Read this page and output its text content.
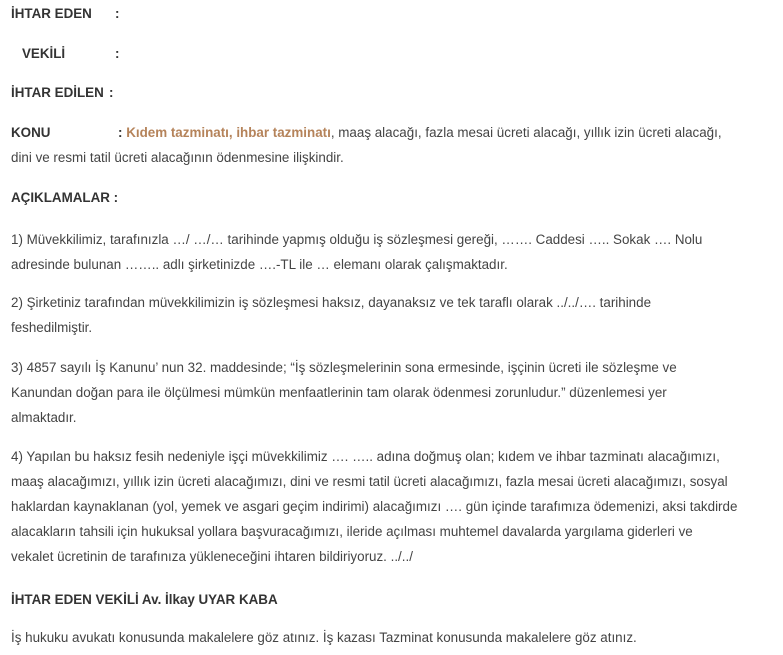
İHTAR EDEN :
VEKİLİ	:
İHTAR EDİLEN :
KONU	: Kıdem tazminatı, ihbar tazminatı, maaş alacağı, fazla mesai ücreti alacağı, yıllık izin ücreti alacağı,
dini ve resmi tatil ücreti alacağının ödenmesine ilişkindir.
AÇIKLAMALAR :
1) Müvekkilimiz, tarafınızla …/ …/… tarihinde yapmış olduğu iş sözleşmesi gereği, ……. Caddesi ….. Sokak …. Nolu
adresinde bulunan …….. adlı şirketinizde ….-TL ile … elemanı olarak çalışmaktadır.
2) Şirketiniz tarafından müvekkilimizin iş sözleşmesi haksız, dayanaksız ve tek taraflı olarak ../../…. tarihinde
feshedilmiştir.
3) 4857 sayılı İş Kanunu’ nun 32. maddesinde; “İş sözleşmelerinin sona ermesinde, işçinin ücreti ile sözleşme ve
Kanundan doğan para ile ölçülmesi mümkün menfaatlerinin tam olarak ödenmesi zorunludur.” düzenlemesi yer
almaktadır.
4) Yapılan bu haksız fesih nedeniyle işçi müvekkilimiz …. ….. adına doğmuş olan; kıdem ve ihbar tazminatı alacağımızı,
maaş alacağımızı, yıllık izin ücreti alacağımızı, dini ve resmi tatil ücreti alacağımızı, fazla mesai ücreti alacağımızı, sosyal
haklardan kaynaklanan (yol, yemek ve asgari geçim indirimi) alacağımızı …. gün içinde tarafımıza ödemenizi, aksi takdirde
alacakların tahsili için hukuksal yollara başvuracağımızı, ileride açılması muhtemel davalarda yargılama giderleri ve
vekalet ücretinin de tarafınıza yükleneceğini ihtaren bildiriyoruz. ../../
İHTAR EDEN VEKİLİ Av. İlkay UYAR KABA
İş hukuku avukatı konusunda makalelere göz atınız. İş kazası Tazminat konusunda makalelere göz atınız.
